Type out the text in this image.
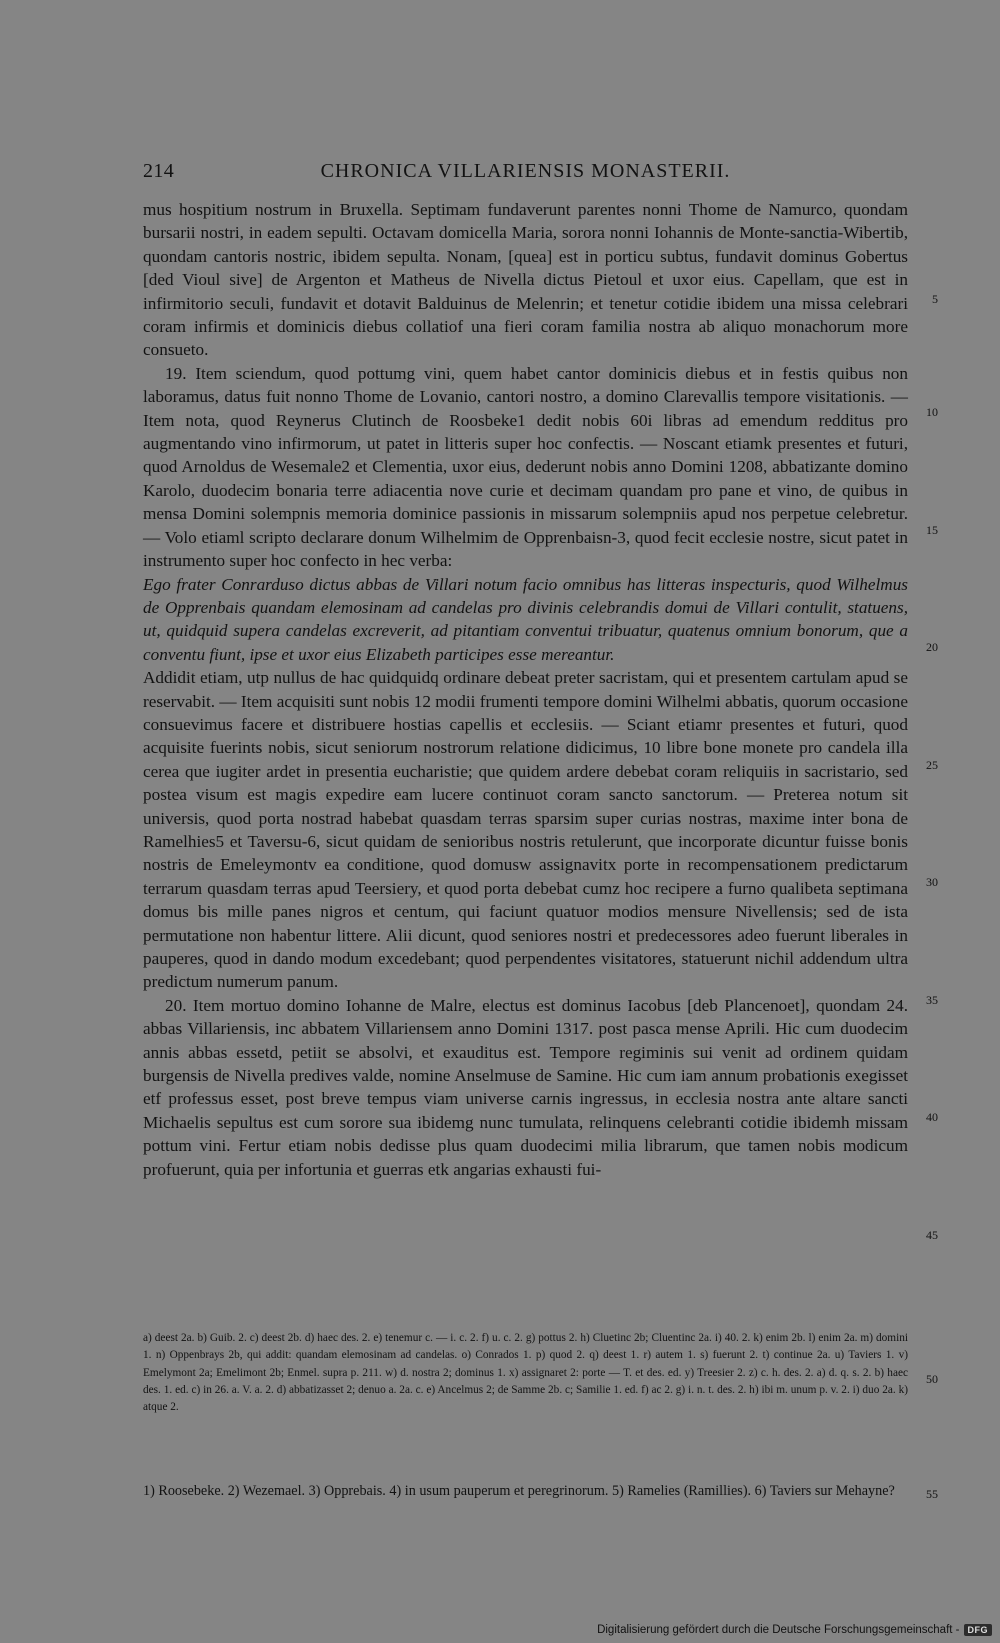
214	CHRONICA VILLARIENSIS MONASTERII.

mus hospitium nostrum in Bruxella. Septimam fundaverunt parentes nonni Thome de Namurco, quondam bursarii nostri, in eadem sepulti. Octavam domicella Maria, sorora nonni Iohannis de Monte-sanctia-Wibertib, quondam cantoris nostric, ibidem sepulta. Nonam, [quea] est in porticu subtus, fundavit dominus Gobertus [ded Vioul sive] de Argenton et Matheus de Nivella dictus Pietoul et uxor eius. Capellam, que est in infirmitorio seculi, fundavit et dotavit Balduinus de Melenrin; et tenetur cotidie ibidem una missa celebrari coram infirmis et dominicis diebus collatiof una fieri coram familia nostra ab aliquo monachorum more consueto.

19. Item sciendum, quod pottumg vini, quem habet cantor dominicis diebus et in festis quibus non laboramus, datus fuit nonno Thome de Lovanio, cantori nostro, a domino Clarevallis tempore visitationis. — Item nota, quod Reynerus Clutinch de Roosbeke1 dedit nobis 60i libras ad emendum redditus pro augmentando vino infirmorum, ut patet in litteris super hoc confectis. — Noscant etiamk presentes et futuri, quod Arnoldus de Wesemale2 et Clementia, uxor eius, dederunt nobis anno Domini 1208, abbatizante domino Karolo, duodecim bonaria terre adiacentia nove curie et decimam quandam pro pane et vino, de quibus in mensa Domini solempnis memoria dominice passionis in missarum solempniis apud nos perpetue celebretur. — Volo etiaml scripto declarare donum Wilhelmim de Opprenbaisn-3, quod fecit ecclesie nostre, sicut patet in instrumento super hoc confecto in hec verba:

Ego frater Conrarduso dictus abbas de Villari notum facio omnibus has litteras inspecturis, quod Wilhelmus de Opprenbais quandam elemosinam ad candelas pro divinis celebrandis domui de Villari contulit, statuens, ut, quidquid supera candelas excreverit, ad pitantiam conventui tribuatur, quatenus omnium bonorum, que a conventu fiunt, ipse et uxor eius Elizabeth participes esse mereantur.

Addidit etiam, utp nullus de hac quidquidq ordinare debeat preter sacristam, qui et presentem cartulam apud se reservabit. — Item acquisiti sunt nobis 12 modii frumenti tempore domini Wilhelmi abbatis, quorum occasione consuevimus facere et distribuere hostias capellis et ecclesiis. — Sciant etiamr presentes et futuri, quod acquisite fuerints nobis, sicut seniorum nostrorum relatione didicimus, 10 libre bone monete pro candela illa cerea que iugiter ardet in presentia eucharistie; que quidem ardere debebat coram reliquiis in sacristario, sed postea visum est magis expedire eam lucere continuot coram sancto sanctorum. — Preterea notum sit universis, quod porta nostrad habebat quasdam terras sparsim super curias nostras, maxime inter bona de Ramelhies5 et Taversu-6, sicut quidam de senioribus nostris retulerunt, que incorporate dicuntur fuisse bonis nostris de Emeleymontv ea conditione, quod domusw assignavitx porte in recompensationem predictarum terrarum quasdam terras apud Teersiery, et quod porta debebat cumz hoc recipere a furno qualibeta septimana domus bis mille panes nigros et centum, qui faciunt quatuor modios mensure Nivellensis; sed de ista permutatione non habentur littere. Alii dicunt, quod seniores nostri et predecessores adeo fuerunt liberales in pauperes, quod in dando modum excedebant; quod perpendentes visitatores, statuerunt nichil addendum ultra predictum numerum panum.

20. Item mortuo domino Iohanne de Malre, electus est dominus Iacobus [deb Plancenoet], quondam 24. abbas Villariensis, inc abbatem Villariensem anno Domini 1317. post pasca mense Aprili. Hic cum duodecim annis abbas essetd, petiit se absolvi, et exauditus est. Tempore regiminis sui venit ad ordinem quidam burgensis de Nivella predives valde, nomine Anselmuse de Samine. Hic cum iam annum probationis exegisset etf professus esset, post breve tempus viam universe carnis ingressus, in ecclesia nostra ante altare sancti Michaelis sepultus est cum sorore sua ibidemg nunc tumulata, relinquens celebranti cotidie ibidemh missam pottum vini. Fertur etiam nobis dedisse plus quam duodecimi milia librarum, que tamen nobis modicum profuerunt, quia per infortunia et guerras etk angarias exhausti fui-

5
10
15
20
25
30
35
40
45
a) deest 2a. b) Guib. 2. c) deest 2b. d) haec des. 2. e) tenemur c. — i. c. 2. f) u. c. 2. g) pottus 2. h) Cluetinc 2b; Cluentinc 2a. i) 40. 2. k) enim 2b. l) enim 2a. m) domini 1. n) Oppenbrays 2b, qui addit: quandam elemosinam ad candelas. o) Conrados 1. p) quod 2. q) deest 1. r) autem 1. s) fuerunt 2. t) continue 2a. u) Taviers 1. v) Emelymont 2a; Emelimont 2b; Enmel. supra p. 211. w) d. nostra 2; dominus 1. x) assignaret 2: porte — T. et des. ed. y) Treesier 2. z) c. h. des. 2. a) d. q. s. 2. b) haec des. 1. ed. c) in 26. a. V. a. 2. d) abbatizasset 2; denuo a. 2a. c. e) Ancelmus 2; de Samme 2b. c; Samilie 1. ed. f) ac 2. g) i. n. t. des. 2. h) ibi m. unum p. v. 2. i) duo 2a. k) atque 2.
50
1) Roosebeke. 2) Wezemael. 3) Opprebais. 4) in usum pauperum et peregrinorum. 5) Ramelies (Ramillies). 6) Taviers sur Mehayne?	55
Digitalisierung gefördert durch die Deutsche Forschungsgemeinschaft - DFG
